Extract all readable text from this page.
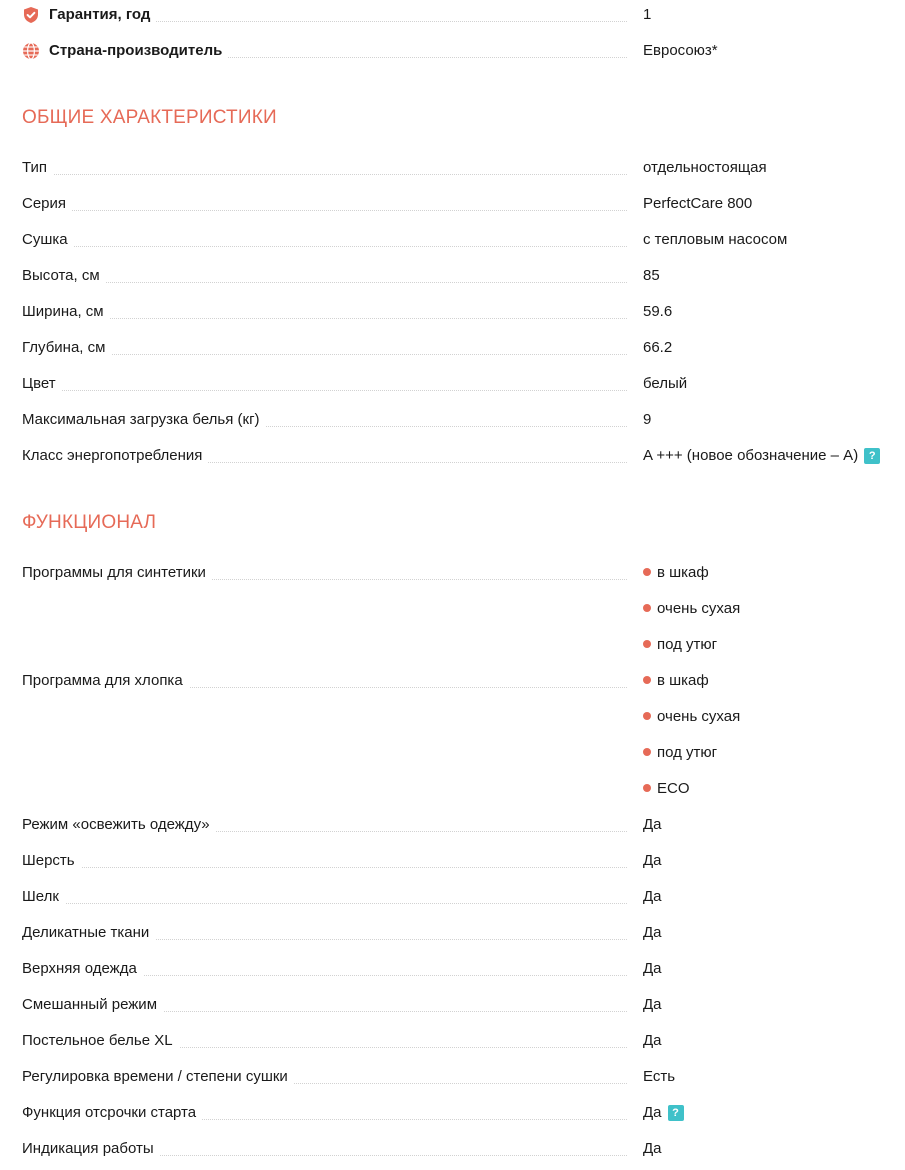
Гарантия, год	1
Страна-производитель	Евросоюз*
ОБЩИЕ ХАРАКТЕРИСТИКИ
Тип	отдельностоящая
Серия	PerfectCare 800
Сушка	с тепловым насосом
Высота, см	85
Ширина, см	59.6
Глубина, см	66.2
Цвет	белый
Максимальная загрузка белья (кг)	9
Класс энергопотребления	A +++ (новое обозначение – A) ?
ФУНКЦИОНАЛ
Программы для синтетики	в шкаф
очень сухая
под утюг
Программа для хлопка	в шкаф
очень сухая
под утюг
ECO
Режим «освежить одежду»	Да
Шерсть	Да
Шелк	Да
Деликатные ткани	Да
Верхняя одежда	Да
Смешанный режим	Да
Постельное белье XL	Да
Регулировка времени / степени сушки	Есть
Функция отсрочки старта	Да ?
Индикация работы	Да
